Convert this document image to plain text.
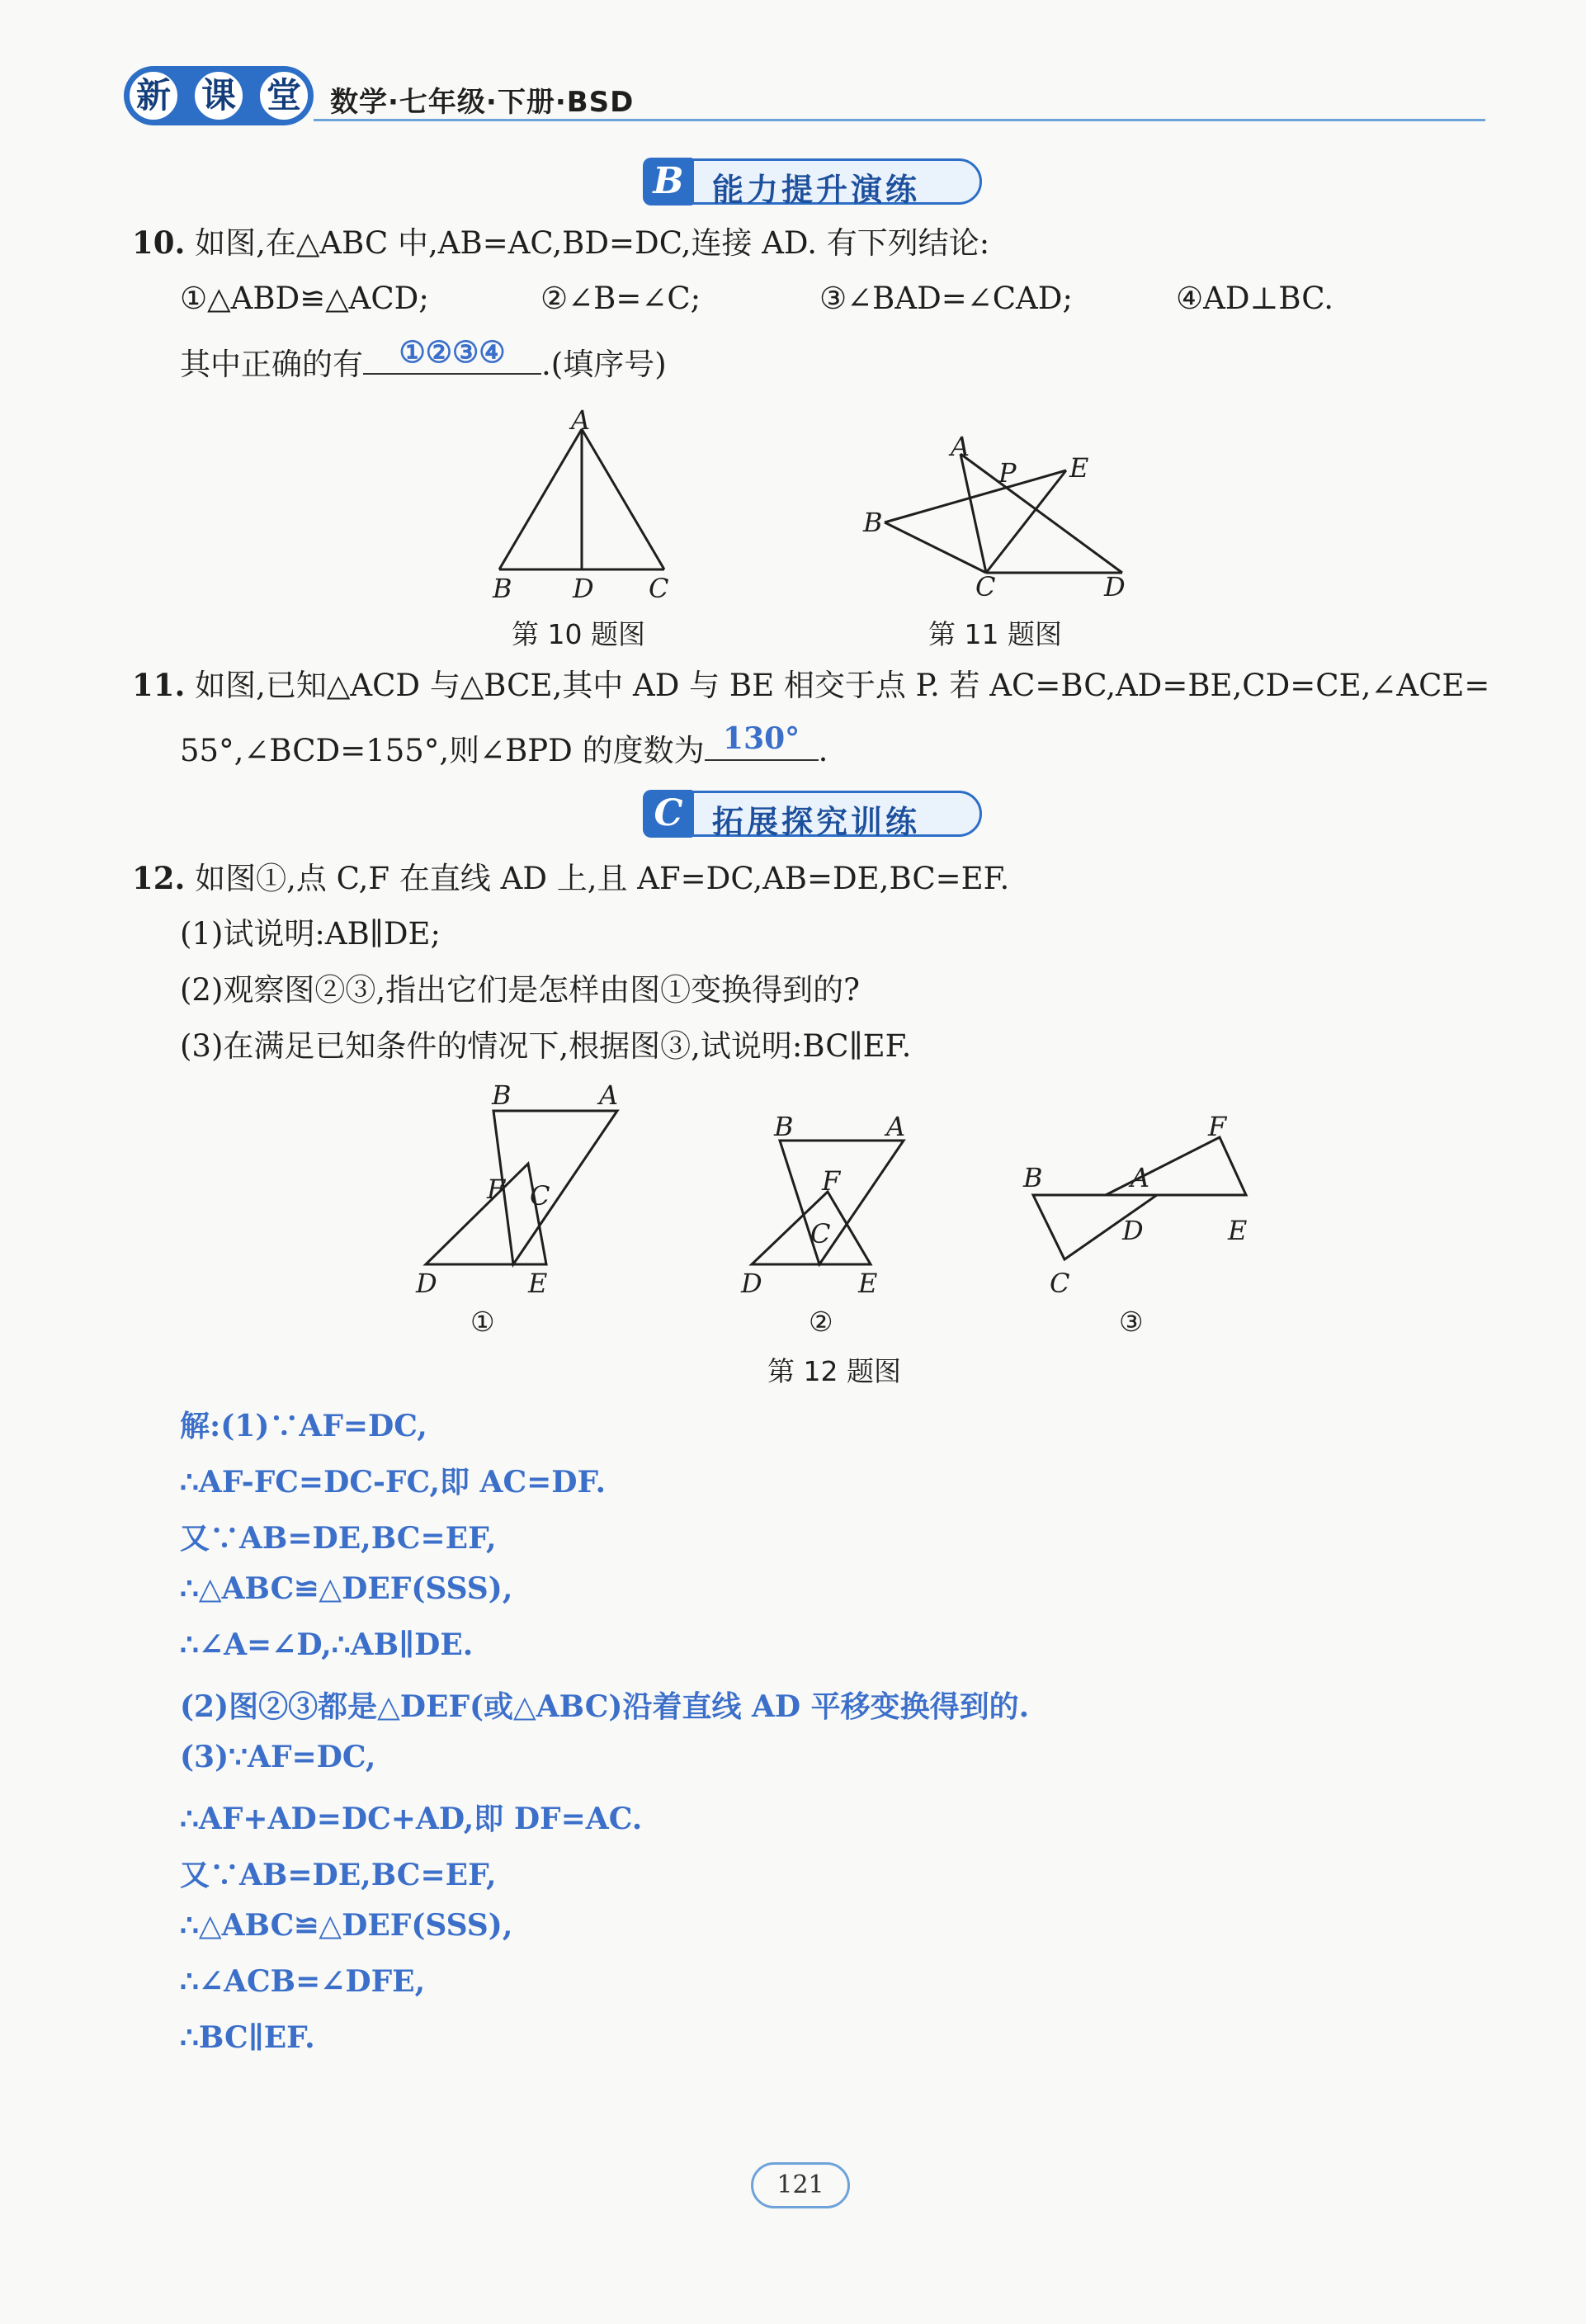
新 课 堂	数学·七年级·下册·BSD
B 能力提升演练
10. 如图,在△ABC 中,AB=AC,BD=DC,连接 AD. 有下列结论:
①△ABD≌△ACD;	②∠B=∠C;	③∠BAD=∠CAD;	④AD⊥BC.
其中正确的有	①②③④	.(填序号)
A
B D C
第 10 题图
A
P E
B
C	D
第 11 题图
11. 如图,已知△ACD 与△BCE,其中 AD 与 BE 相交于点 P. 若 AC=BC,AD=BE,CD=CE,∠ACE=
55°,∠BCD=155°,则∠BPD 的度数为 130° .
C 拓展探究训练
12. 如图①,点 C,F 在直线 AD 上,且 AF=DC,AB=DE,BC=EF.
(1)试说明:AB∥DE;
(2)观察图②③,指出它们是怎样由图①变换得到的?
(3)在满足已知条件的情况下,根据图③,试说明:BC∥EF.
B	A
F C
D	E
①
B	A
F
C
D	E
②
F
B	A
D	E
C
③
第 12 题图
解:(1)∵AF=DC,
∴AF-FC=DC-FC,即 AC=DF.
又∵AB=DE,BC=EF,
∴△ABC≌△DEF(SSS),
∴∠A=∠D,∴AB∥DE.
(2)图②③都是△DEF(或△ABC)沿着直线 AD 平移变换得到的.
(3)∵AF=DC,
∴AF+AD=DC+AD,即 DF=AC.
又∵AB=DE,BC=EF,
∴△ABC≌△DEF(SSS),
∴∠ACB=∠DFE,
∴BC∥EF.
121
